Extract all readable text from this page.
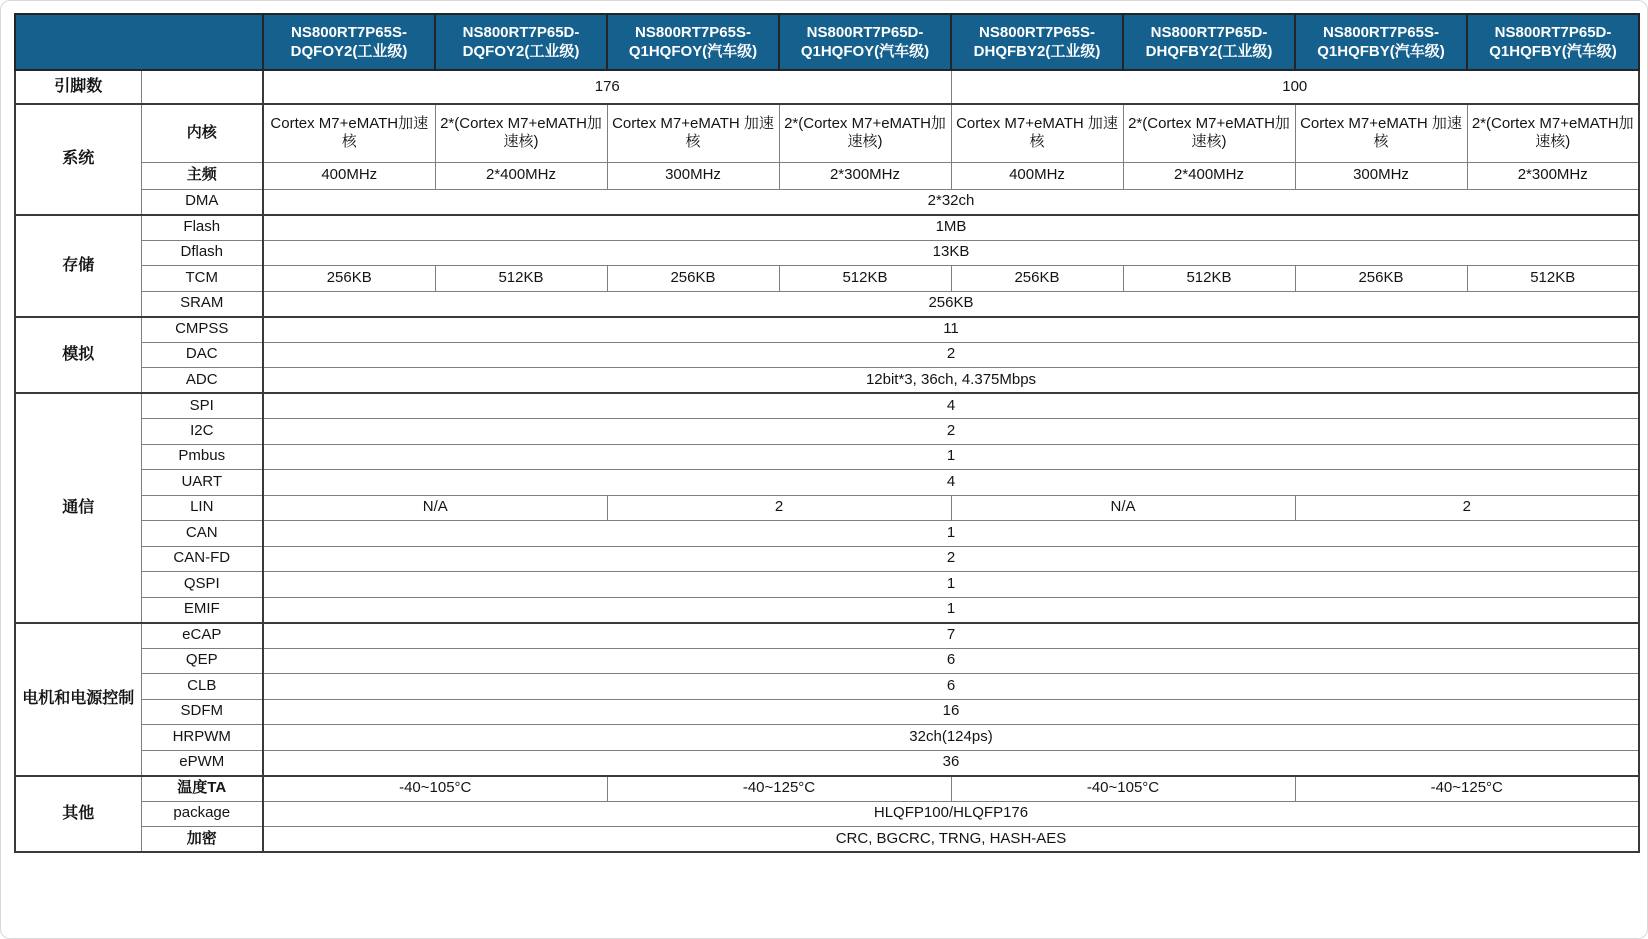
		NS800RT7P65S-DQFOY2(工业级)	NS800RT7P65D-DQFOY2(工业级)	NS800RT7P65S-Q1HQFOY(汽车级)	NS800RT7P65D-Q1HQFOY(汽车级)	NS800RT7P65S-DHQFBY2(工业级)	NS800RT7P65D-DHQFBY2(工业级)	NS800RT7P65S-Q1HQFBY(汽车级)	NS800RT7P65D-Q1HQFBY(汽车级)
引脚数		176				100			
系统	内核	Cortex M7+eMATH加速核	2*(Cortex M7+eMATH加速核)	Cortex M7+eMATH 加速核	2*(Cortex M7+eMATH加速核)	Cortex M7+eMATH 加速核	2*(Cortex M7+eMATH加速核)	Cortex M7+eMATH 加速核	2*(Cortex M7+eMATH加速核)
	主频	400MHz	2*400MHz	300MHz	2*300MHz	400MHz	2*400MHz	300MHz	2*300MHz
	DMA	2*32ch							
存储	Flash	1MB							
	Dflash	13KB							
	TCM	256KB	512KB	256KB	512KB	256KB	512KB	256KB	512KB
	SRAM	256KB							
模拟	CMPSS	11							
	DAC	2							
	ADC	12bit*3, 36ch, 4.375Mbps							
通信	SPI	4							
	I2C	2							
	Pmbus	1							
	UART	4							
	LIN	N/A		2		N/A		2	
	CAN	1							
	CAN-FD	2							
	QSPI	1							
	EMIF	1							
电机和电源控制	eCAP	7							
	QEP	6							
	CLB	6							
	SDFM	16							
	HRPWM	32ch(124ps)							
	ePWM	36							
其他	温度TA	-40~105°C		-40~125°C		-40~105°C		-40~125°C	
	package	HLQFP100/HLQFP176							
	加密	CRC, BGCRC, TRNG, HASH-AES							
